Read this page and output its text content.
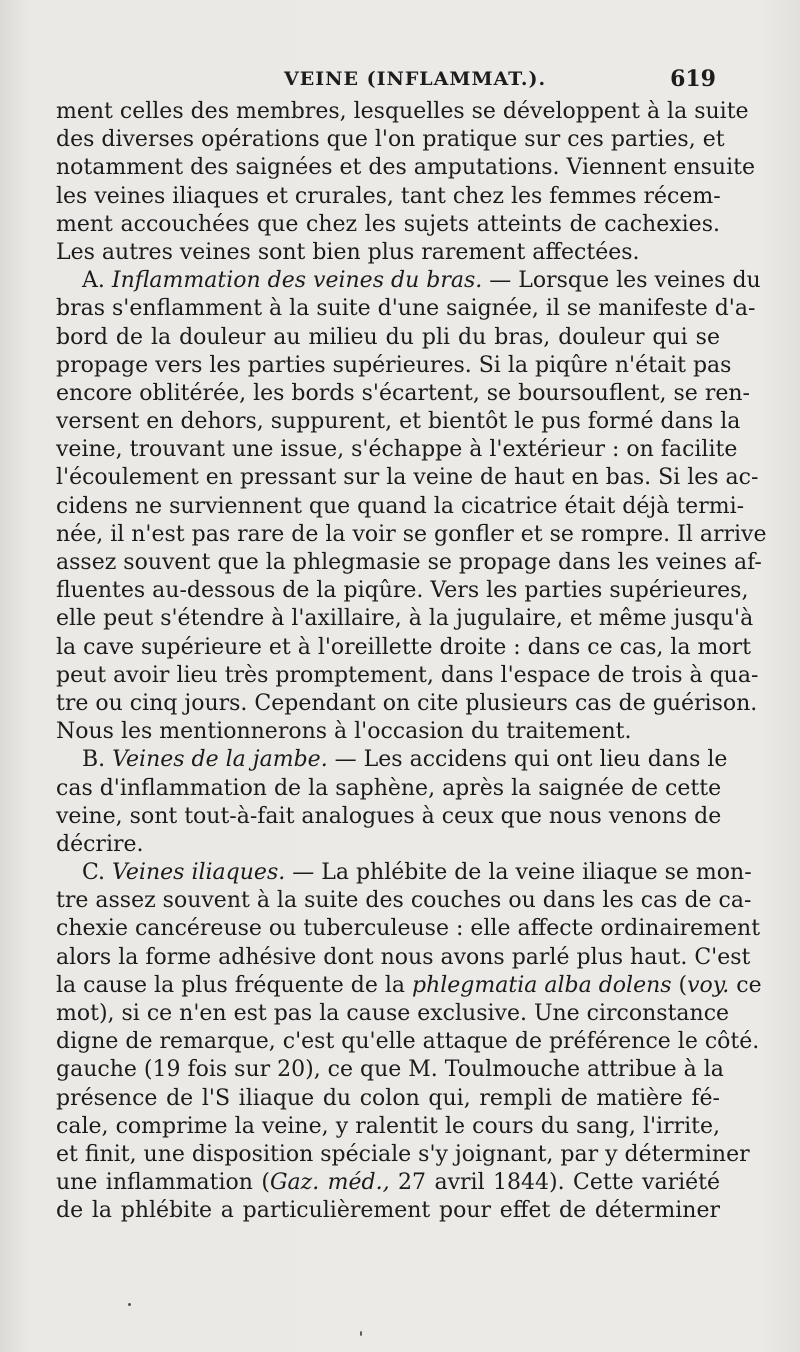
VEINE (INFLAMMAT.).	619
ment celles des membres, lesquelles se développent à la suite
des diverses opérations que l'on pratique sur ces parties, et
notamment des saignées et des amputations. Viennent ensuite
les veines iliaques et crurales, tant chez les femmes récem-
ment accouchées que chez les sujets atteints de cachexies.
Les autres veines sont bien plus rarement affectées.
A. Inflammation des veines du bras. — Lorsque les veines du
bras s'enflamment à la suite d'une saignée, il se manifeste d'a-
bord de la douleur au milieu du pli du bras, douleur qui se
propage vers les parties supérieures. Si la piqûre n'était pas
encore oblitérée, les bords s'écartent, se boursouflent, se ren-
versent en dehors, suppurent, et bientôt le pus formé dans la
veine, trouvant une issue, s'échappe à l'extérieur : on facilite
l'écoulement en pressant sur la veine de haut en bas. Si les ac-
cidens ne surviennent que quand la cicatrice était déjà termi-
née, il n'est pas rare de la voir se gonfler et se rompre. Il arrive
assez souvent que la phlegmasie se propage dans les veines af-
fluentes au-dessous de la piqûre. Vers les parties supérieures,
elle peut s'étendre à l'axillaire, à la jugulaire, et même jusqu'à
la cave supérieure et à l'oreillette droite : dans ce cas, la mort
peut avoir lieu très promptement, dans l'espace de trois à qua-
tre ou cinq jours. Cependant on cite plusieurs cas de guérison.
Nous les mentionnerons à l'occasion du traitement.
B. Veines de la jambe. — Les accidens qui ont lieu dans le
cas d'inflammation de la saphène, après la saignée de cette
veine, sont tout-à-fait analogues à ceux que nous venons de
décrire.
C. Veines iliaques. — La phlébite de la veine iliaque se mon-
tre assez souvent à la suite des couches ou dans les cas de ca-
chexie cancéreuse ou tuberculeuse : elle affecte ordinairement
alors la forme adhésive dont nous avons parlé plus haut. C'est
la cause la plus fréquente de la phlegmatia alba dolens (voy. ce
mot), si ce n'en est pas la cause exclusive. Une circonstance
digne de remarque, c'est qu'elle attaque de préférence le côté.
gauche (19 fois sur 20), ce que M. Toulmouche attribue à la
présence de l'S iliaque du colon qui, rempli de matière fé-
cale, comprime la veine, y ralentit le cours du sang, l'irrite,
et finit, une disposition spéciale s'y joignant, par y déterminer
une inflammation (Gaz. méd., 27 avril 1844). Cette variété
de la phlébite a particulièrement pour effet de déterminer
